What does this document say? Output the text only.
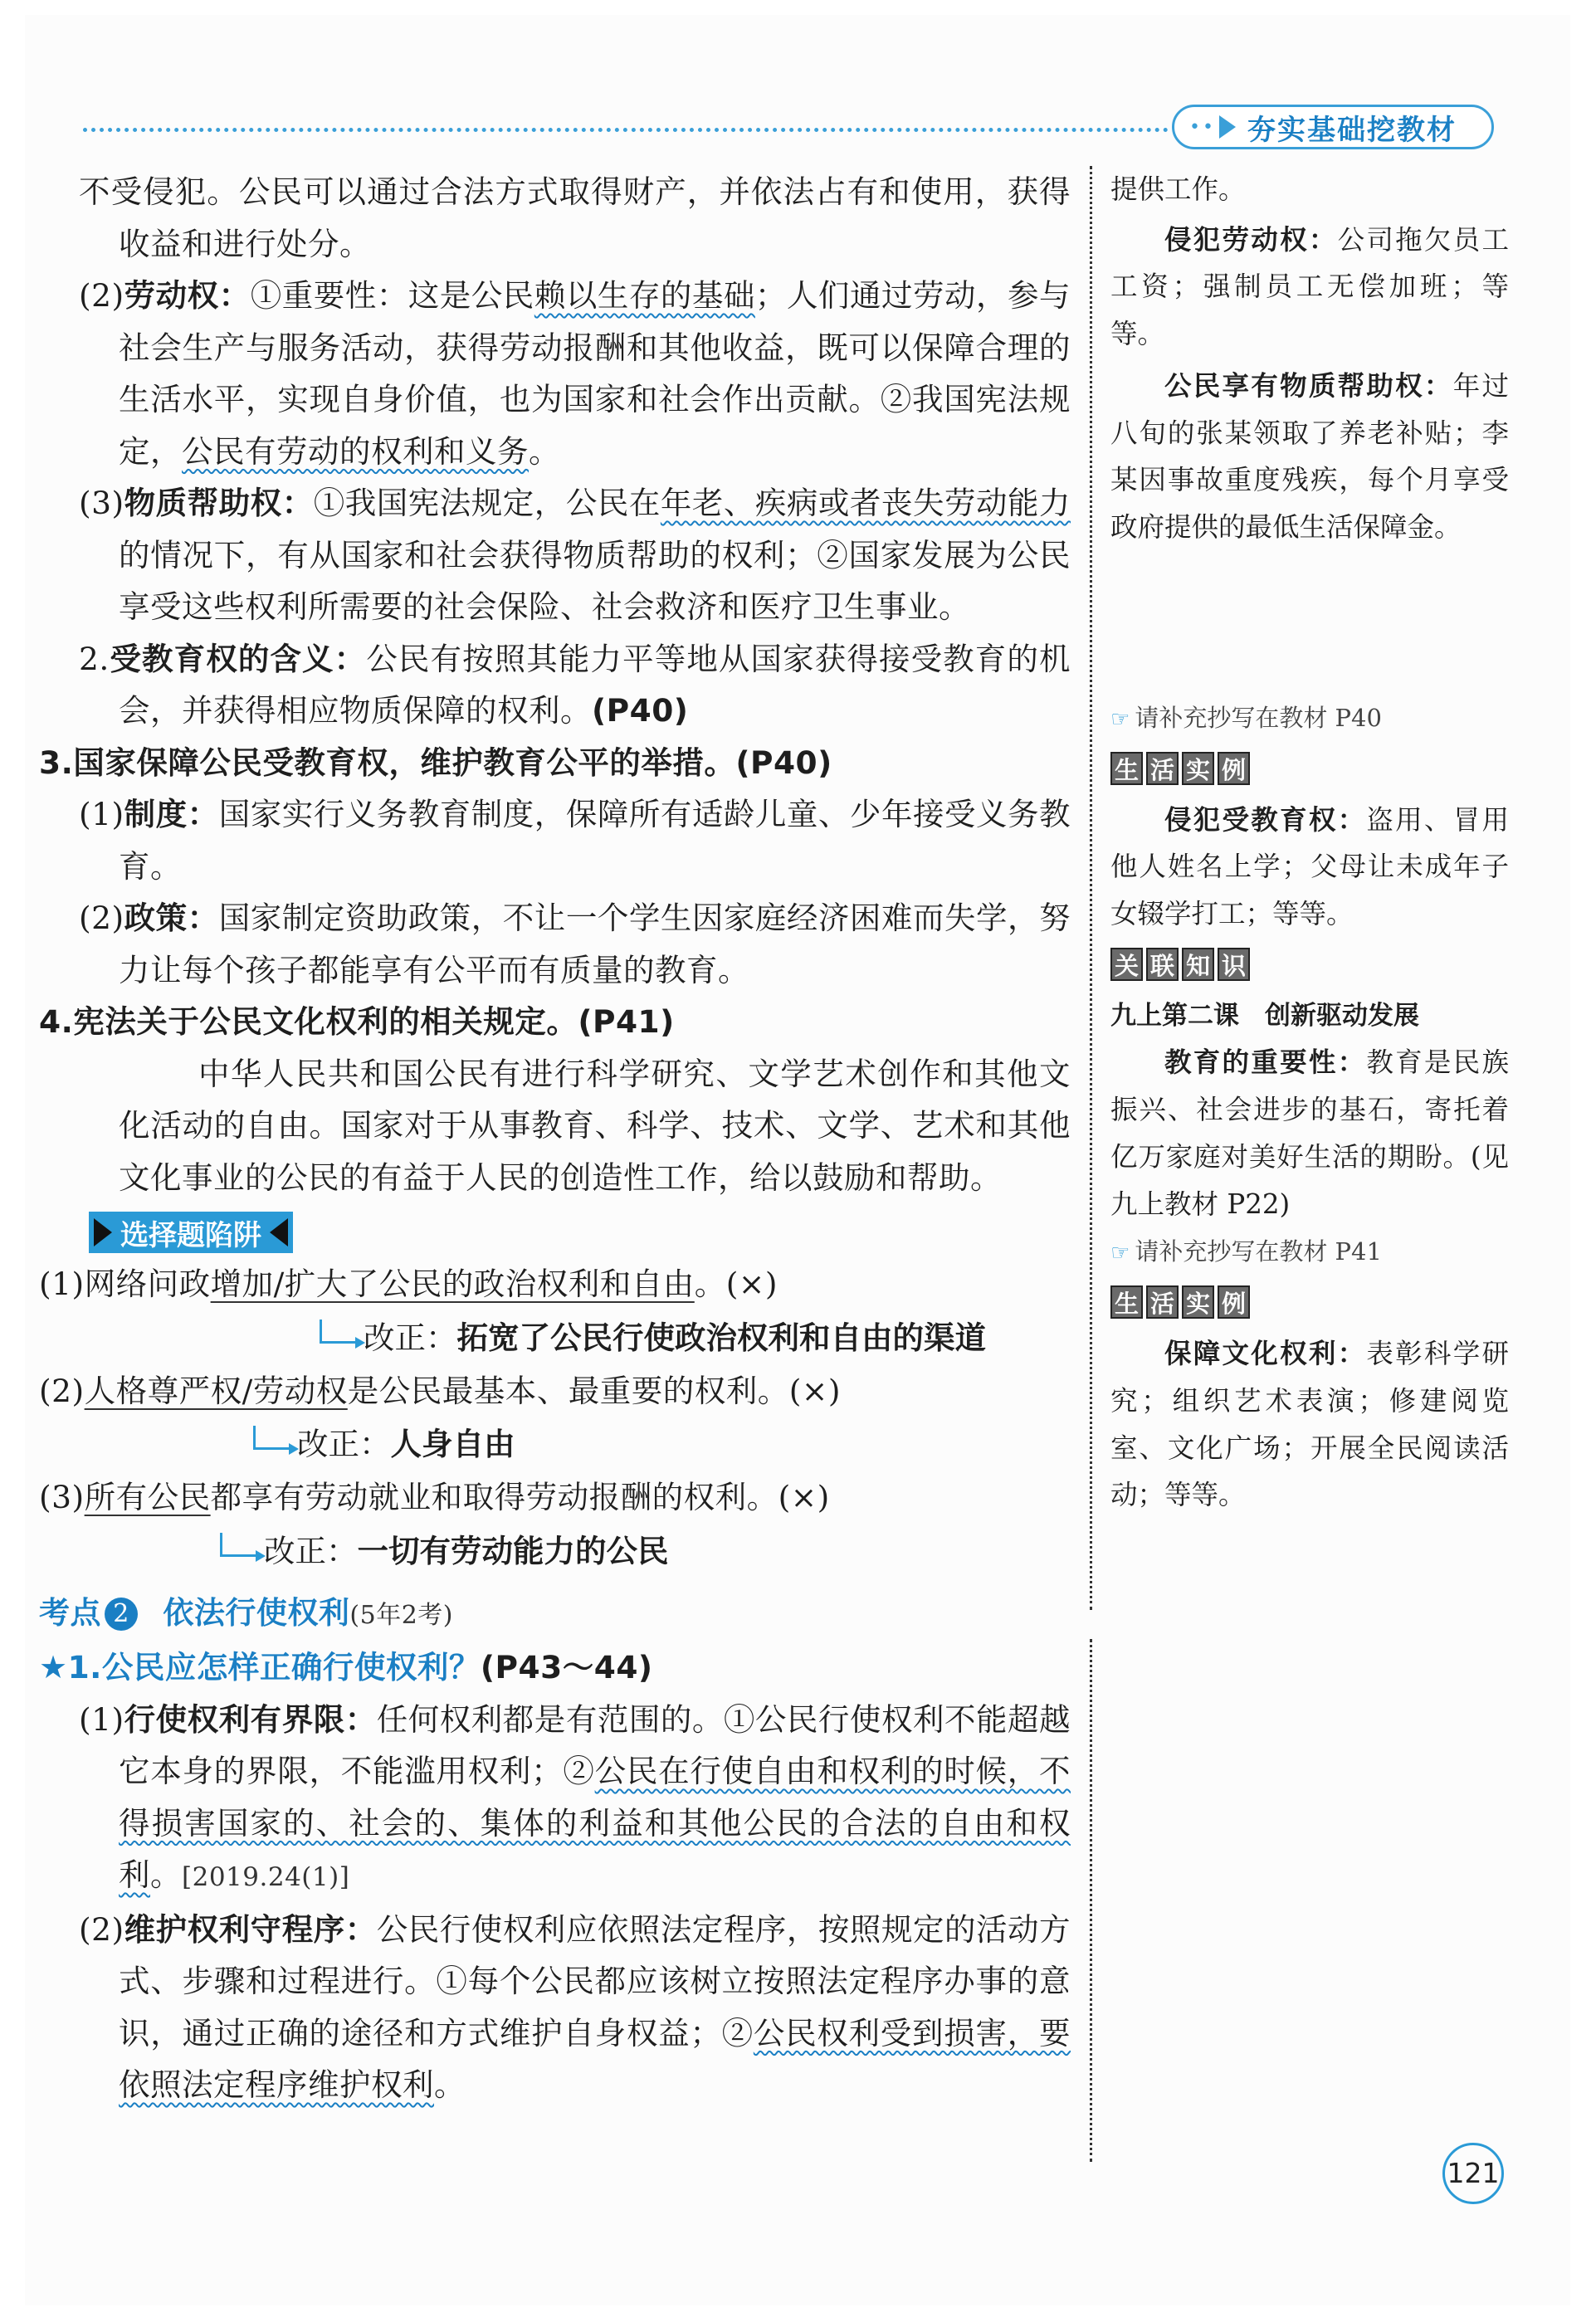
•• 夯实基础挖教材

不受侵犯。公民可以通过合法方式取得财产，并依法占有和使用，获得收益和进行处分。

(2)劳动权：①重要性：这是公民赖以生存的基础；人们通过劳动，参与社会生产与服务活动，获得劳动报酬和其他收益，既可以保障合理的生活水平，实现自身价值，也为国家和社会作出贡献。②我国宪法规定，公民有劳动的权利和义务。

(3)物质帮助权：①我国宪法规定，公民在年老、疾病或者丧失劳动能力的情况下，有从国家和社会获得物质帮助的权利；②国家发展为公民享受这些权利所需要的社会保险、社会救济和医疗卫生事业。

2.受教育权的含义：公民有按照其能力平等地从国家获得接受教育的机会，并获得相应物质保障的权利。(P40)

3.国家保障公民受教育权，维护教育公平的举措。(P40)

(1)制度：国家实行义务教育制度，保障所有适龄儿童、少年接受义务教育。

(2)政策：国家制定资助政策，不让一个学生因家庭经济困难而失学，努力让每个孩子都能享有公平而有质量的教育。

4.宪法关于公民文化权利的相关规定。(P41)

中华人民共和国公民有进行科学研究、文学艺术创作和其他文化活动的自由。国家对于从事教育、科学、技术、文学、艺术和其他文化事业的公民的有益于人民的创造性工作，给以鼓励和帮助。

选择题陷阱

(1)网络问政增加/扩大了公民的政治权利和自由。(×)

改正：拓宽了公民行使政治权利和自由的渠道

(2)人格尊严权/劳动权是公民最基本、最重要的权利。(×)

改正：人身自由

(3)所有公民都享有劳动就业和取得劳动报酬的权利。(×)

改正：一切有劳动能力的公民

考点 2 依法行使权利(5年2考)

★1.公民应怎样正确行使权利？(P43～44)

(1)行使权利有界限：任何权利都是有范围的。①公民行使权利不能超越它本身的界限，不能滥用权利；②公民在行使自由和权利的时候，不得损害国家的、社会的、集体的利益和其他公民的合法的自由和权利。[2019.24(1)]

(2)维护权利守程序：公民行使权利应依照法定程序，按照规定的活动方式、步骤和过程进行。①每个公民都应该树立按照法定程序办事的意识，通过正确的途径和方式维护自身权益；②公民权利受到损害，要依照法定程序维护权利。

提供工作。

侵犯劳动权：公司拖欠员工工资；强制员工无偿加班；等等。

公民享有物质帮助权：年过八旬的张某领取了养老补贴；李某因事故重度残疾，每个月享受政府提供的最低生活保障金。

☞ 请补充抄写在教材 P40
生 活 实 例

侵犯受教育权：盗用、冒用他人姓名上学；父母让未成年子女辍学打工；等等。

关 联 知 识

九上第二课　创新驱动发展

教育的重要性：教育是民族振兴、社会进步的基石，寄托着亿万家庭对美好生活的期盼。(见九上教材 P22)

☞ 请补充抄写在教材 P41
生 活 实 例

保障文化权利：表彰科学研究；组织艺术表演；修建阅览室、文化广场；开展全民阅读活动；等等。

121
